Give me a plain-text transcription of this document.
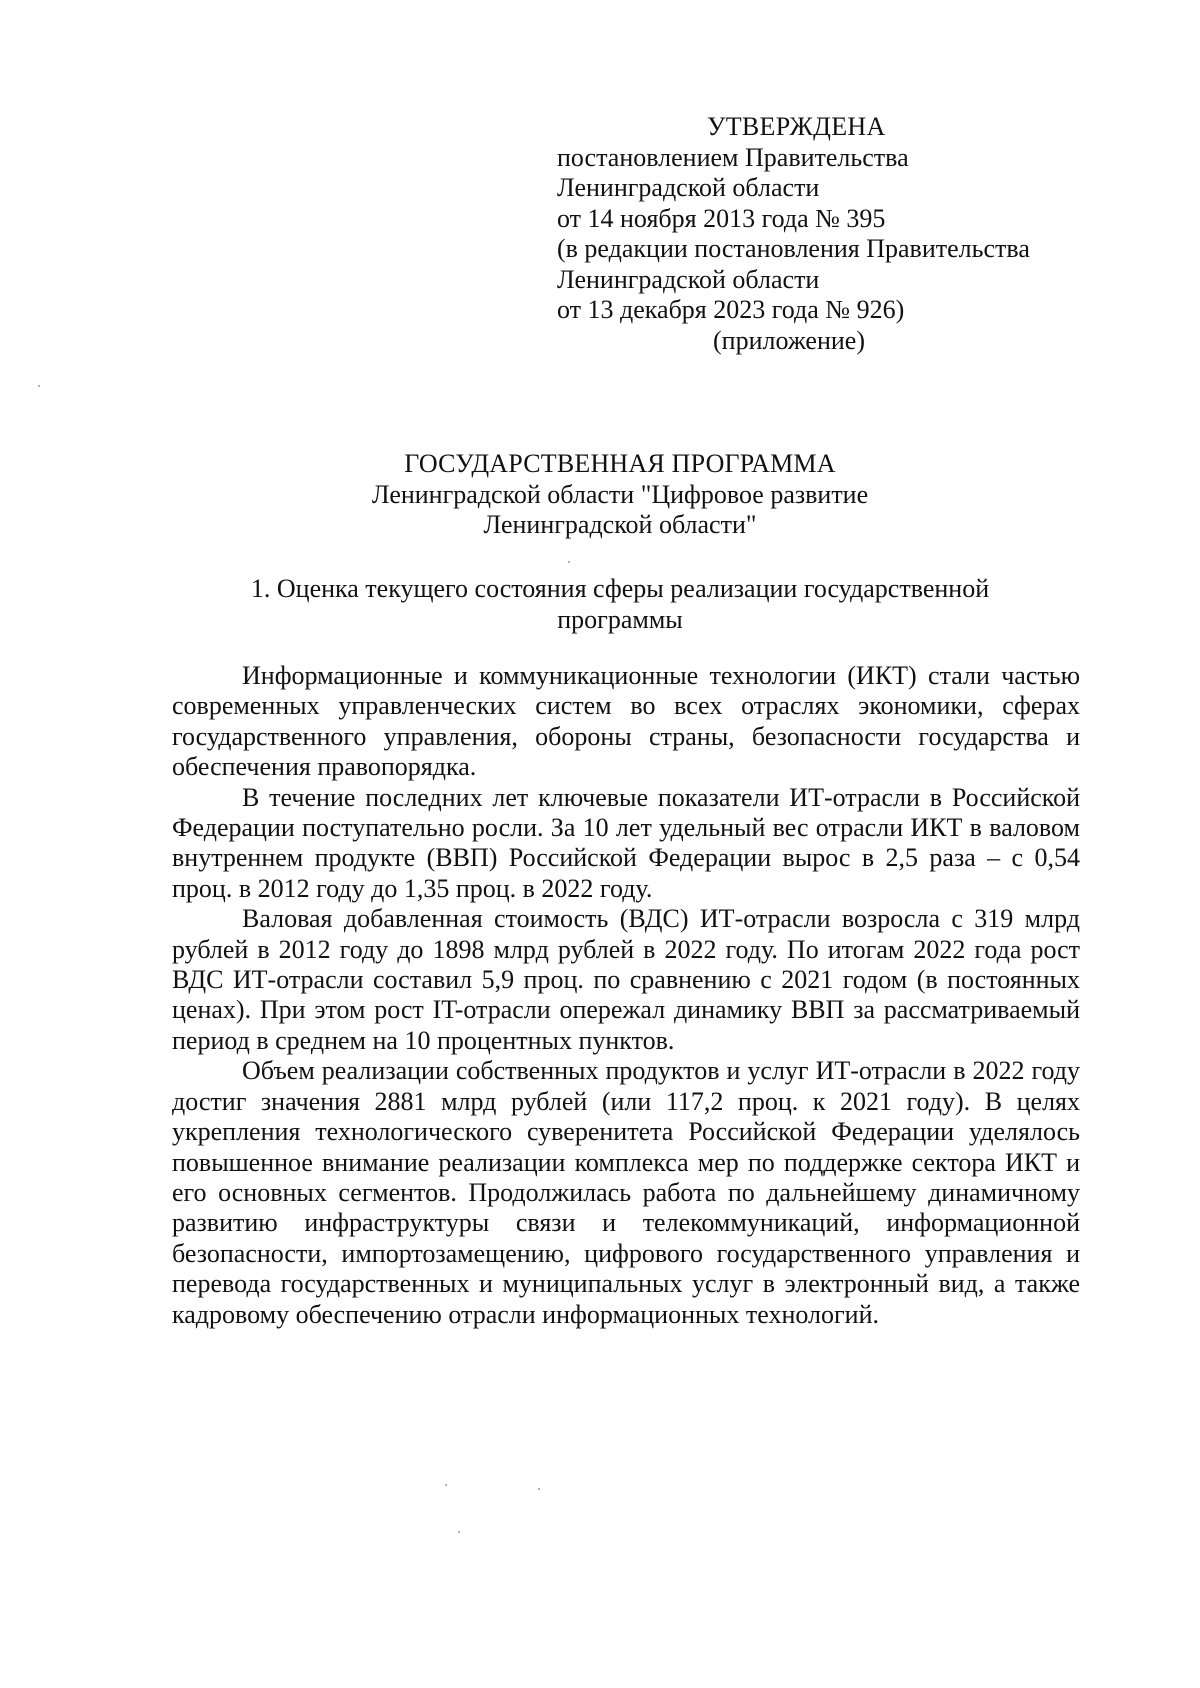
УТВЕРЖДЕНА
постановлением Правительства
Ленинградской области
от 14 ноября 2013 года № 395
(в редакции постановления Правительства
Ленинградской области
от 13 декабря 2023 года № 926)
(приложение)
ГОСУДАРСТВЕННАЯ ПРОГРАММА
Ленинградской области "Цифровое развитие
Ленинградской области"
1. Оценка текущего состояния сферы реализации государственной
программы

Информационные и коммуникационные технологии (ИКТ) стали частью современных управленческих систем во всех отраслях экономики, сферах государственного управления, обороны страны, безопасности государства и обеспечения правопорядка.

В течение последних лет ключевые показатели ИТ-отрасли в Российской Федерации поступательно росли. За 10 лет удельный вес отрасли ИКТ в валовом внутреннем продукте (ВВП) Российской Федерации вырос в 2,5 раза – с 0,54 проц. в 2012 году до 1,35 проц. в 2022 году.

Валовая добавленная стоимость (ВДС) ИТ-отрасли возросла с 319 млрд рублей в 2012 году до 1898 млрд рублей в 2022 году. По итогам 2022 года рост ВДС ИТ-отрасли составил 5,9 проц. по сравнению с 2021 годом (в постоянных ценах). При этом рост IT-отрасли опережал динамику ВВП за рассматриваемый период в среднем на 10 процентных пунктов.

Объем реализации собственных продуктов и услуг ИТ-отрасли в 2022 году достиг значения 2881 млрд рублей (или 117,2 проц. к 2021 году). В целях укрепления технологического суверенитета Российской Федерации уделялось повышенное внимание реализации комплекса мер по поддержке сектора ИКТ и его основных сегментов. Продолжилась работа по дальнейшему динамичному развитию инфраструктуры связи и телекоммуникаций, информационной безопасности, импортозамещению, цифрового государственного управления и перевода государственных и муниципальных услуг в электронный вид, а также кадровому обеспечению отрасли информационных технологий.
